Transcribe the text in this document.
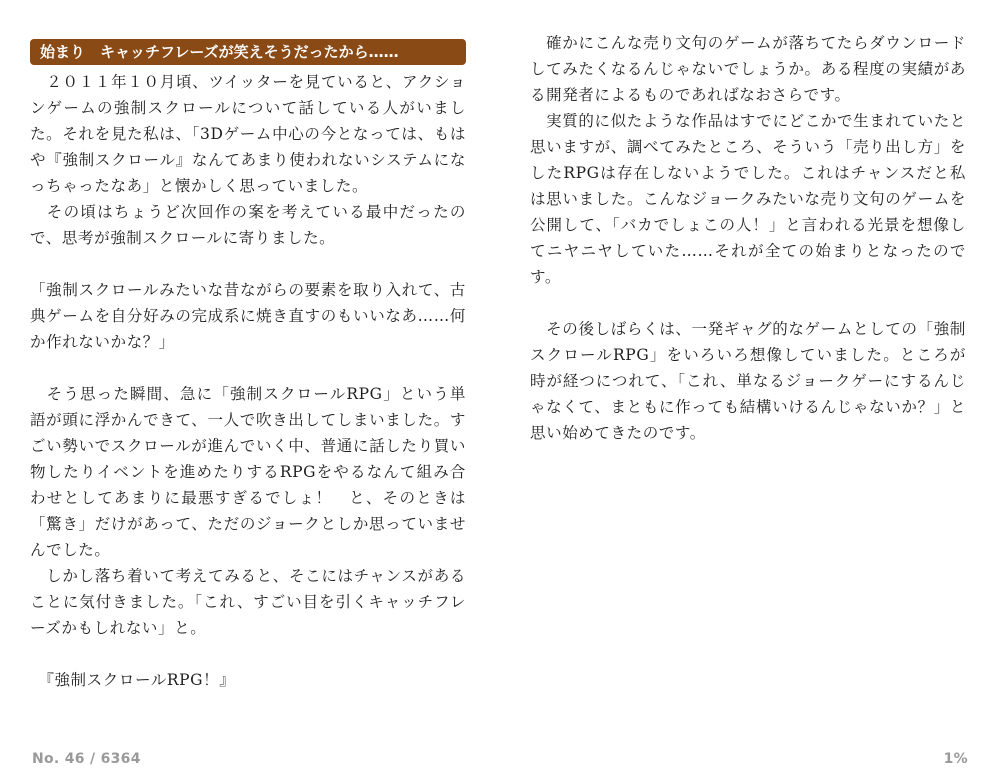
始まり　キャッチフレーズが笑えそうだったから……

　２０１１年１０月頃、ツイッターを見ていると、アクションゲームの強制スクロールについて話している人がいました。それを見た私は、「3Dゲーム中心の今となっては、もはや『強制スクロール』なんてあまり使われないシステムになっちゃったなあ」と懐かしく思っていました。

　その頃はちょうど次回作の案を考えている最中だったので、思考が強制スクロールに寄りました。

「強制スクロールみたいな昔ながらの要素を取り入れて、古典ゲームを自分好みの完成系に焼き直すのもいいなあ……何か作れないかな？」

　そう思った瞬間、急に「強制スクロールRPG」という単語が頭に浮かんできて、一人で吹き出してしまいました。すごい勢いでスクロールが進んでいく中、普通に話したり買い物したりイベントを進めたりするRPGをやるなんて組み合わせとしてあまりに最悪すぎるでしょ！　と、そのときは「驚き」だけがあって、ただのジョークとしか思っていませんでした。

　しかし落ち着いて考えてみると、そこにはチャンスがあることに気付きました。「これ、すごい目を引くキャッチフレーズかもしれない」と。

　『強制スクロールRPG！』

　確かにこんな売り文句のゲームが落ちてたらダウンロードしてみたくなるんじゃないでしょうか。ある程度の実績がある開発者によるものであればなおさらです。

　実質的に似たような作品はすでにどこかで生まれていたと思いますが、調べてみたところ、そういう「売り出し方」をしたRPGは存在しないようでした。これはチャンスだと私は思いました。こんなジョークみたいな売り文句のゲームを公開して、「バカでしょこの人！」と言われる光景を想像してニヤニヤしていた……それが全ての始まりとなったのです。

　その後しばらくは、一発ギャグ的なゲームとしての「強制スクロールRPG」をいろいろ想像していました。ところが時が経つにつれて、「これ、単なるジョークゲーにするんじゃなくて、まともに作っても結構いけるんじゃないか？」と思い始めてきたのです。

No. 46 / 6364	1%
